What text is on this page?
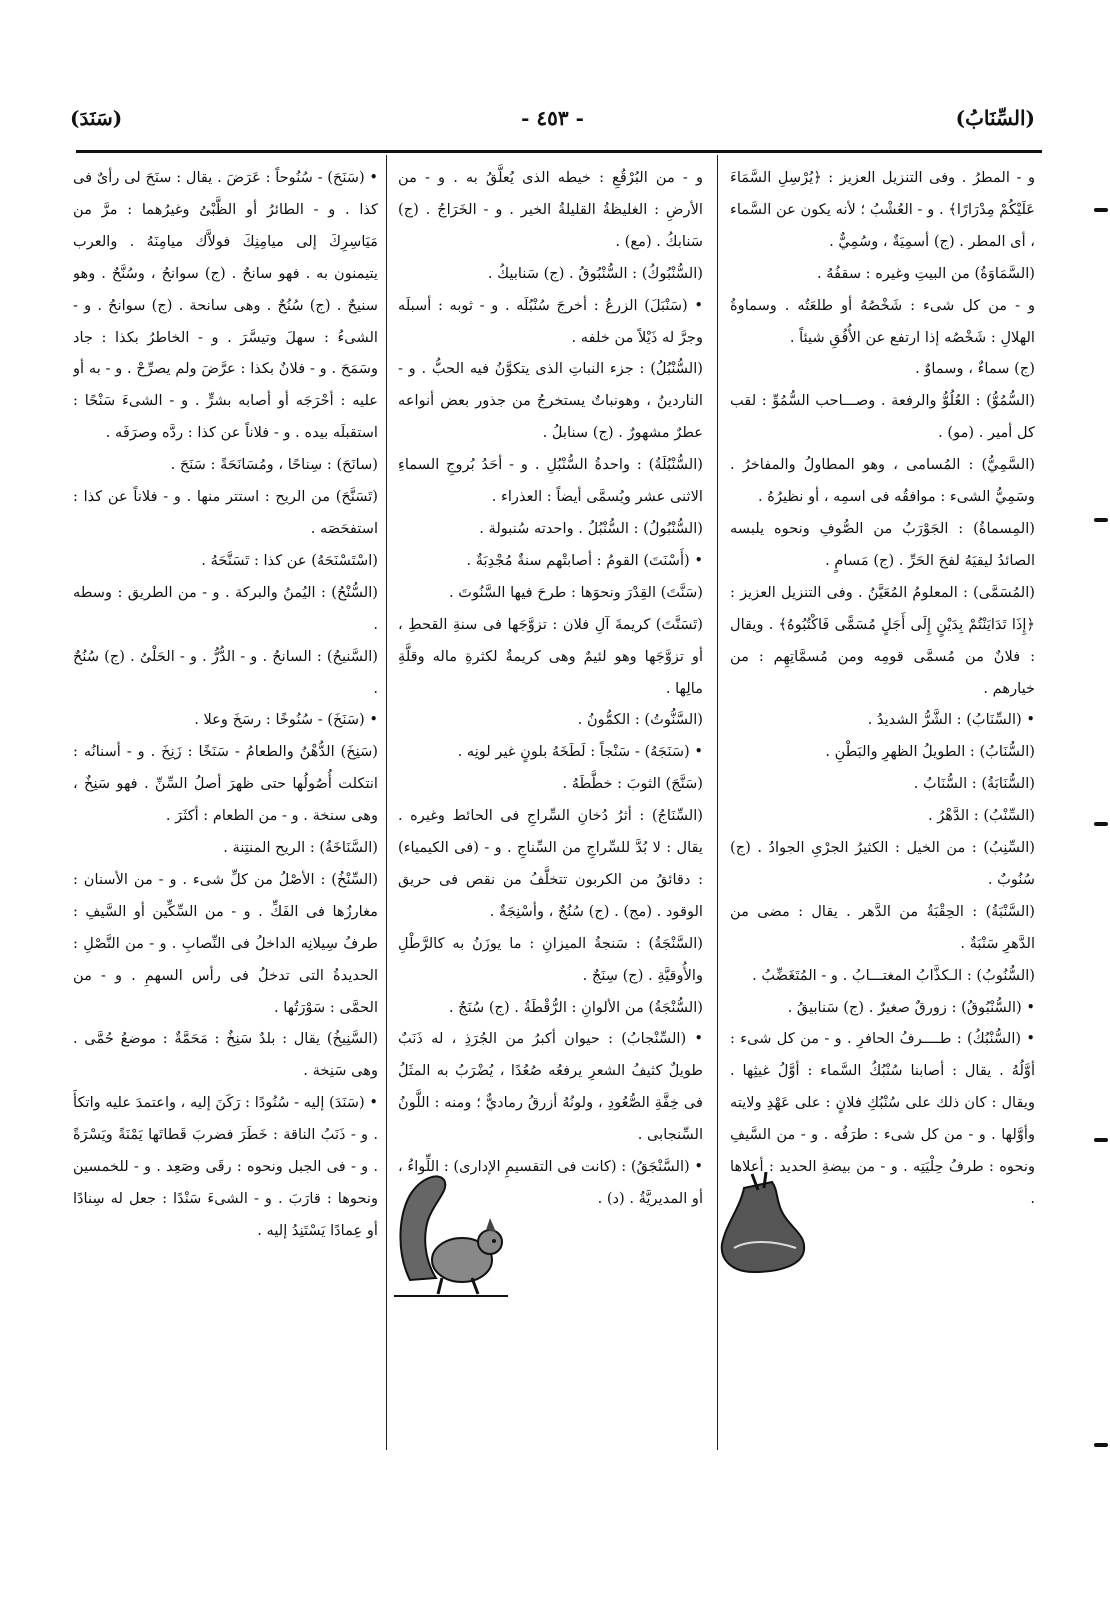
(السِّنَابُ)
- ٤٥٣ -
(سَنَدَ)

و - المطرُ . وفى التنزيل العزيز : ﴿يُرْسِلِ السَّمَاءَ عَلَيْكُمْ مِدْرَارًا﴾ . و - العُشْبُ ؛ لأنه يكون عن السَّماء ، أى المطر . (ج) أسمِيَةٌ ، وسُمِيٌّ .

(السَّمَاوَةُ) من البيتِ وغيره : سقفُهُ .

و - من كل شىء : شَخْصُهُ أو طلعَتُه . وسماوةُ الهلالِ : شَخْصُه إذا ارتفع عن الأُفُقِ شيئاً .

(ج) سماءٌ ، وسماوٌ .

(السُّمُوُّ) : العُلُوُّ والرفعة . وصـــاحب السُّمُوِّ : لقب كل أمير . (مو) .

(السَّمِيُّ) : المُسامى ، وهو المطاولُ والمفاخرُ . وسَمِيُّ الشىء : موافقُه فى اسمِه ، أو نظيرُهُ .

(المِسماةُ) : الجَوْرَبُ من الصُّوفِ ونحوه يلبسه الصائدُ ليقيَهُ لفحَ الحَرِّ . (ج) مَسامٍ .

(المُسَمَّى) : المعلومُ المُعَيَّنُ . وفى التنزيل العزيز : ﴿إِذَا تَدَايَنْتُمْ بِدَيْنٍ إِلَى أَجَلٍ مُسَمًّى فَاكْتُبُوهُ﴾ . ويقال : فلانٌ من مُسمَّى قومِه ومن مُسمَّاتِهِم : من خيارهم .

• (السِّنَابُ) : الشَّرُّ الشديدُ .

(السُّنَابُ) : الطويلُ الظهرِ والبَطْنِ .

(السُّنَابَةُ) : السُّنَابُ .

(السِّنْبُ) : الدَّهْرُ .

(السِّنِبُ) : من الخيل : الكثيرُ الجرْىِ الجوادُ . (ج) سُنُوبٌ .

(السَّنْبَةُ) : الحِقْبَةُ من الدَّهر . يقال : مضى من الدَّهرِ سَنْبَةٌ .

(السُّنُوبُ) : الـكذَّابُ المغتـــابُ . و - المُتَغَضِّبُ .

• (السُّنْبُوقُ) : زورقٌ صغيرٌ . (ج) سَنابيقُ .

• (السُّنْبُكُ) : طــــرفُ الحافرِ . و - من كل شىء : أوَّلُهُ . يقال : أصابنا سُنْبُكُ السَّماء : أوَّلُ غيثِها . ويقال : كان ذلك على سُنْبُكِ فلانٍ : على عَهْدِ ولايته وأوَّلها . و - من كل شىء : طرَفُه . و - من السَّيفِ ونحوه : طرفُ حِلْيَتِه . و - من بيضةِ الحديد : أعلاها .

و - من البُرْقُعِ : خيطه الذى يُعلَّقُ به . و - من الأرضِ : الغليظةُ القليلةُ الخير . و - الخَرَاجُ . (ج) سَنابكُ . (مع) .

(السُّنْبُوكُ) : السُّنْبُوقُ . (ج) سَنابيكُ .

• (سَنْبَلَ) الزرعُ : أخرجَ سُنْبُلَه . و - ثوبه : أسبلَه وجرَّ له ذَيْلاً من خلفه .

(السُّنْبُلُ) : جزء النباتِ الذى يتكوَّنُ فيه الحبُّ . و - الناردينُ ، وهونباتٌ يستخرجُ من جذور بعض أنواعه عطرٌ مشهورٌ . (ج) سنابلُ .

(السُّنْبُلَةُ) : واحدةُ السُّنْبُلِ . و - أحَدُ بُروجِ السماءِ الاثنى عشر ويُسمَّى أيضاً : العذراء .

(السُّنْبُولُ) : السُّنْبُلُ . واحدته سُنبولة .

• (أَسْنَتَ) القومُ : أصابتْهم سنةٌ مُجْدِبَةٌ .

(سَنَّتَ) القِدْرَ ونحوَها : طرحَ فيها السَّنُوتَ .

(تَسَنَّتَ) كريمةَ آلِ فلان : تزوَّجَها فى سنةِ القحطِ ، أو تزوَّجَها وهو لئيمٌ وهى كريمةٌ لكثرةِ ماله وقلَّةِ مالِها .

(السَّنُّوتُ) : الكمُّونُ .

• (سَنَجَهُ) - سَنْجاً : لَطَخَهُ بلونٍ غير لونِه .

(سَنَّجَ) الثوبَ : خطَّطَهُ .

(السِّنَاجُ) : أثرُ دُخانِ السِّراجِ فى الحائط وغيره . يقال : لا بُدَّ للسِّراجِ من السِّناجِ . و - (فى الكيمياء) : دقائقُ من الكربون تتخلَّفُ من نقص فى حريق الوقود . (مج) . (ج) سُنُجٌ ، وأسْنِجَةٌ .

(السَّنْجَةُ) : سَنجةُ الميزانِ : ما يوزَنُ به كالرَّطْلِ والأُوقيَّةِ . (ج) سِنَجٌ .

(السُّنْجَةُ) من الألوانِ : الرُّقْطَةُ . (ج) سُنَجٌ .

• (السِّنْجابُ) : حيوان أكبرُ من الجُرَذِ ، له ذَنَبٌ طويلٌ كثيفُ الشعرِ يرفعُه صُعُدًا ، يُضْرَبُ به المثَلُ فى خِفَّةِ الصُّعُودِ ، ولونُهُ أزرقُ رماديٌّ ؛ ومنه : اللَّونُ السِّنجابى .

• (السَّنْجَقُ) : (كانت فى التقسيمِ الإدارى) : اللِّواءُ ، أو المديريَّةُ . (د) .

• (سَنَحَ) - سُنُوحاً : عَرَضَ . يقال : سنَحَ لى رأىٌ فى كذا . و - الطائرُ أو الظَّبْىُ وغيرُهما : مرَّ من مَيَاسِرِكَ إلى ميامِنِكَ فولاَّك ميامِنَهُ . والعرب يتيمنون به . فهو سانحٌ . (ج) سوانحُ ، وسُنَّحٌ . وهو سنيحٌ . (ج) سُنُحٌ . وهى سانحة . (ج) سوانحُ . و - الشىءُ : سهلَ وتيسَّرَ . و - الخاطرُ بكذا : جاد وسَمَحَ . و - فلانٌ بكذا : عرَّضَ ولم يصرِّحْ . و - به أو عليه : أحْرَجَه أو أصابه بشرٍّ . و - الشىءَ سَنْحًا : استقبلَه بيده . و - فلاناً عن كذا : ردَّه وصرَفَه .

(سانَحَ) : سِناحًا ، ومُسَانَحَةً : سَنَحَ .

(تَسَنَّحَ) من الريح : استتر منها . و - فلاناً عن كذا : استفحَصَه .

(اسْتَسْنَحَهُ) عن كذا : تَسَنَّحَهُ .

(السُّنْحُ) : اليُمنُ والبركة . و - من الطريق : وسطه .

(السَّنيحُ) : السانحُ . و - الدُّرُّ . و - الحَلْىُ . (ج) سُنُحٌ .

• (سَنَخَ) - سُنُوخًا : رسَخَ وعلا .

(سَنِخَ) الدُّهْنُ والطعامُ - سَنَخًا : زَنِخَ . و - أسنانُه : انتكلت أُصُولُها حتى ظهرَ أصلُ السِّنِّ . فهو سَنِخٌ ، وهى سنخة . و - من الطعام : أكثَرَ .

(السَّنَاخَةُ) : الريح المنتِنة .

(السِّنْخُ) : الأصْلُ من كلِّ شىء . و - من الأسنان : مغارزُها فى الفَكِّ . و - من السِّكِّين أو السَّيفِ : طرفُ سِيلانِه الداخلُ فى النِّصابِ . و - من النَّصْلِ : الحديدةُ التى تدخلُ فى رأس السهمِ . و - من الحمَّى : سَوْرَتُها .

(السَّنِيخُ) يقال : بلدٌ سَنِخٌ : مَحَمَّةٌ : موضعُ حُمَّى . وهى سَنِخة .

• (سَنَدَ) إليه - سُنُودًا : رَكَنَ إليه ، واعتمدَ عليه واتكأَ . و - ذَنَبُ الناقة : خَطَرَ فضربَ قَطاتَها يَمْنَةً ويَسْرَةً . و - فى الجبل ونحوه : رقَى وصَعِد . و - للخمسين ونحوها : قارَبَ . و - الشىءَ سَنْدًا : جعل له سِنادًا أو عِمادًا يَسْتَنِدُ إليه .
